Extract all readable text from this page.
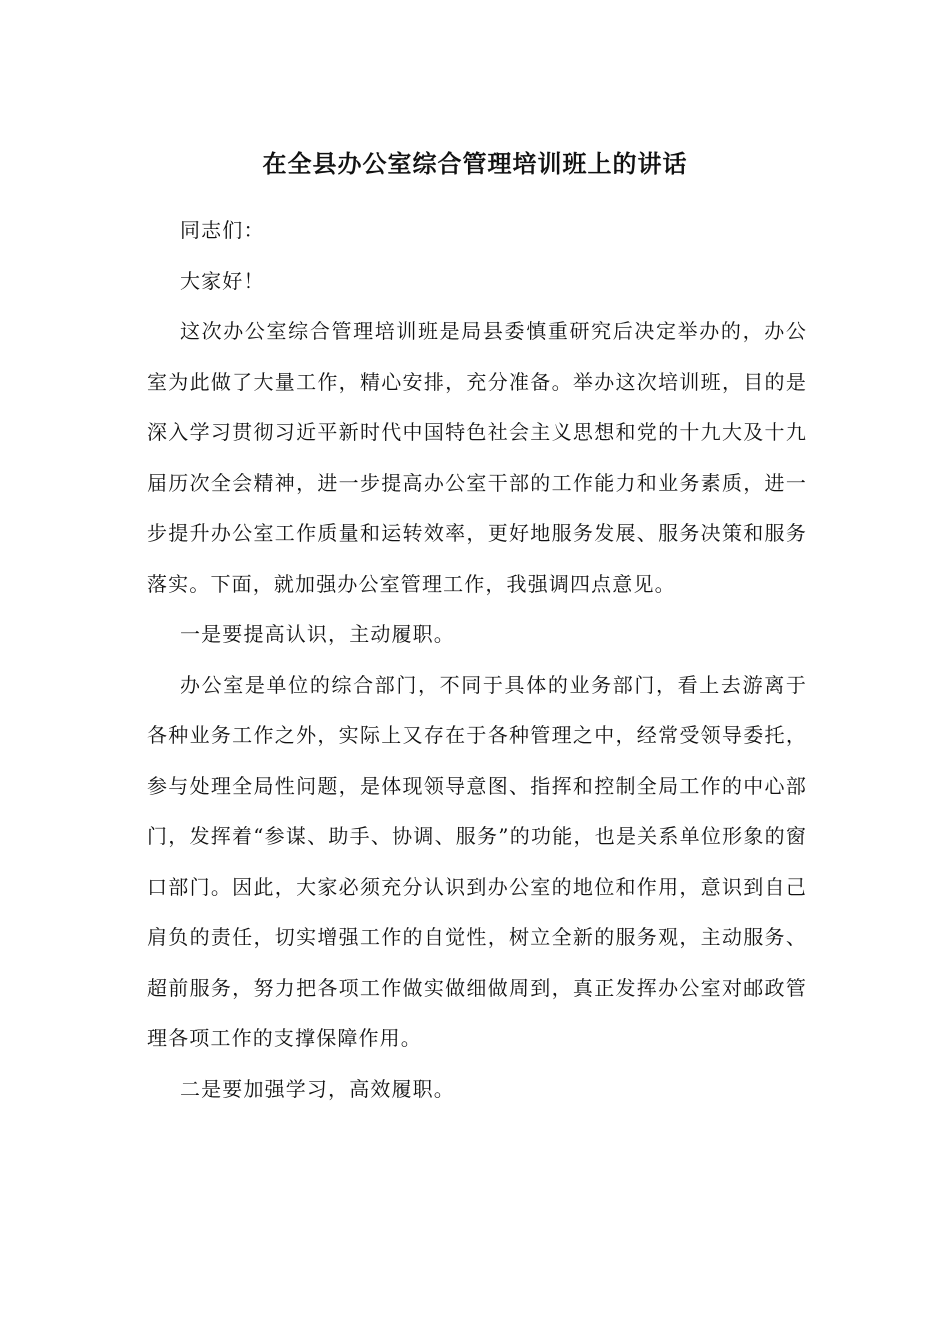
在全县办公室综合管理培训班上的讲话

同志们：

大家好！

这次办公室综合管理培训班是局县委慎重研究后决定举办的，办公室为此做了大量工作，精心安排，充分准备。举办这次培训班，目的是深入学习贯彻习近平新时代中国特色社会主义思想和党的十九大及十九届历次全会精神，进一步提高办公室干部的工作能力和业务素质，进一步提升办公室工作质量和运转效率，更好地服务发展、服务决策和服务落实。下面，就加强办公室管理工作，我强调四点意见。

一是要提高认识，主动履职。

办公室是单位的综合部门，不同于具体的业务部门，看上去游离于各种业务工作之外，实际上又存在于各种管理之中，经常受领导委托，参与处理全局性问题，是体现领导意图、指挥和控制全局工作的中心部门，发挥着“参谋、助手、协调、服务”的功能，也是关系单位形象的窗口部门。因此，大家必须充分认识到办公室的地位和作用，意识到自己肩负的责任，切实增强工作的自觉性，树立全新的服务观，主动服务、超前服务，努力把各项工作做实做细做周到，真正发挥办公室对邮政管理各项工作的支撑保障作用。

二是要加强学习，高效履职。
